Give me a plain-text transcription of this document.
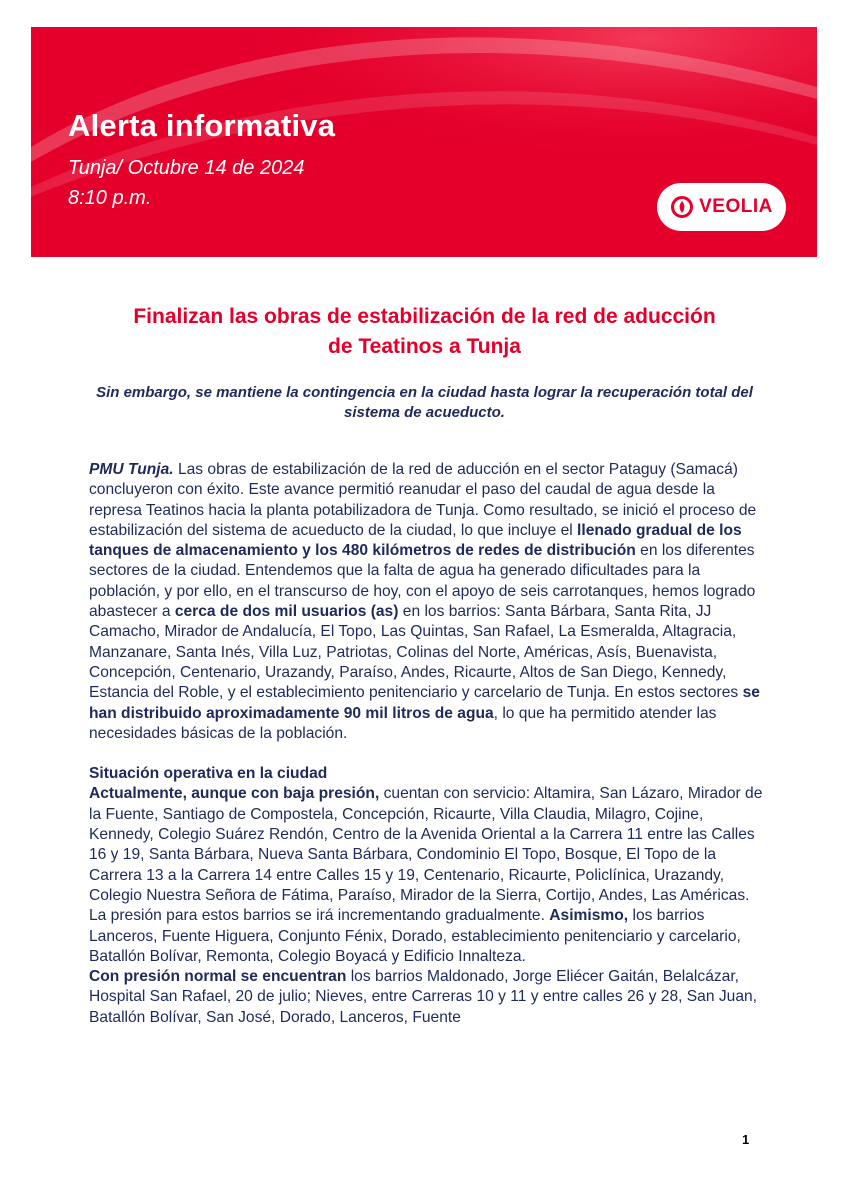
Alerta informativa
Tunja/ Octubre 14 de 2024
8:10 p.m.	VEOLIA
Finalizan las obras de estabilización de la red de aducción
de Teatinos a Tunja
Sin embargo, se mantiene la contingencia en la ciudad hasta lograr la recuperación total del
sistema de acueducto.

PMU Tunja. Las obras de estabilización de la red de aducción en el sector Pataguy (Samacá) concluyeron con éxito. Este avance permitió reanudar el paso del caudal de agua desde la represa Teatinos hacia la planta potabilizadora de Tunja. Como resultado, se inició el proceso de estabilización del sistema de acueducto de la ciudad, lo que incluye el llenado gradual de los tanques de almacenamiento y los 480 kilómetros de redes de distribución en los diferentes sectores de la ciudad. Entendemos que la falta de agua ha generado dificultades para la población, y por ello, en el transcurso de hoy, con el apoyo de seis carrotanques, hemos logrado abastecer a cerca de dos mil usuarios (as) en los barrios: Santa Bárbara, Santa Rita, JJ Camacho, Mirador de Andalucía, El Topo, Las Quintas, San Rafael, La Esmeralda, Altagracia, Manzanare, Santa Inés, Villa Luz, Patriotas, Colinas del Norte, Américas, Asís, Buenavista, Concepción, Centenario, Urazandy, Paraíso, Andes, Ricaurte, Altos de San Diego, Kennedy, Estancia del Roble, y el establecimiento penitenciario y carcelario de Tunja. En estos sectores se han distribuido aproximadamente 90 mil litros de agua, lo que ha permitido atender las necesidades básicas de la población.

Situación operativa en la ciudad

Actualmente, aunque con baja presión, cuentan con servicio: Altamira, San Lázaro, Mirador de la Fuente, Santiago de Compostela, Concepción, Ricaurte, Villa Claudia, Milagro, Cojine, Kennedy, Colegio Suárez Rendón, Centro de la Avenida Oriental a la Carrera 11 entre las Calles 16 y 19, Santa Bárbara, Nueva Santa Bárbara, Condominio El Topo, Bosque, El Topo de la Carrera 13 a la Carrera 14 entre Calles 15 y 19, Centenario, Ricaurte, Policlínica, Urazandy, Colegio Nuestra Señora de Fátima, Paraíso, Mirador de la Sierra, Cortijo, Andes, Las Américas. La presión para estos barrios se irá incrementando gradualmente. Asimismo, los barrios Lanceros, Fuente Higuera, Conjunto Fénix, Dorado, establecimiento penitenciario y carcelario, Batallón Bolívar, Remonta, Colegio Boyacá y Edificio Innalteza.

Con presión normal se encuentran los barrios Maldonado, Jorge Eliécer Gaitán, Belalcázar, Hospital San Rafael, 20 de julio; Nieves, entre Carreras 10 y 11 y entre calles 26 y 28, San Juan, Batallón Bolívar, San José, Dorado, Lanceros, Fuente

1
